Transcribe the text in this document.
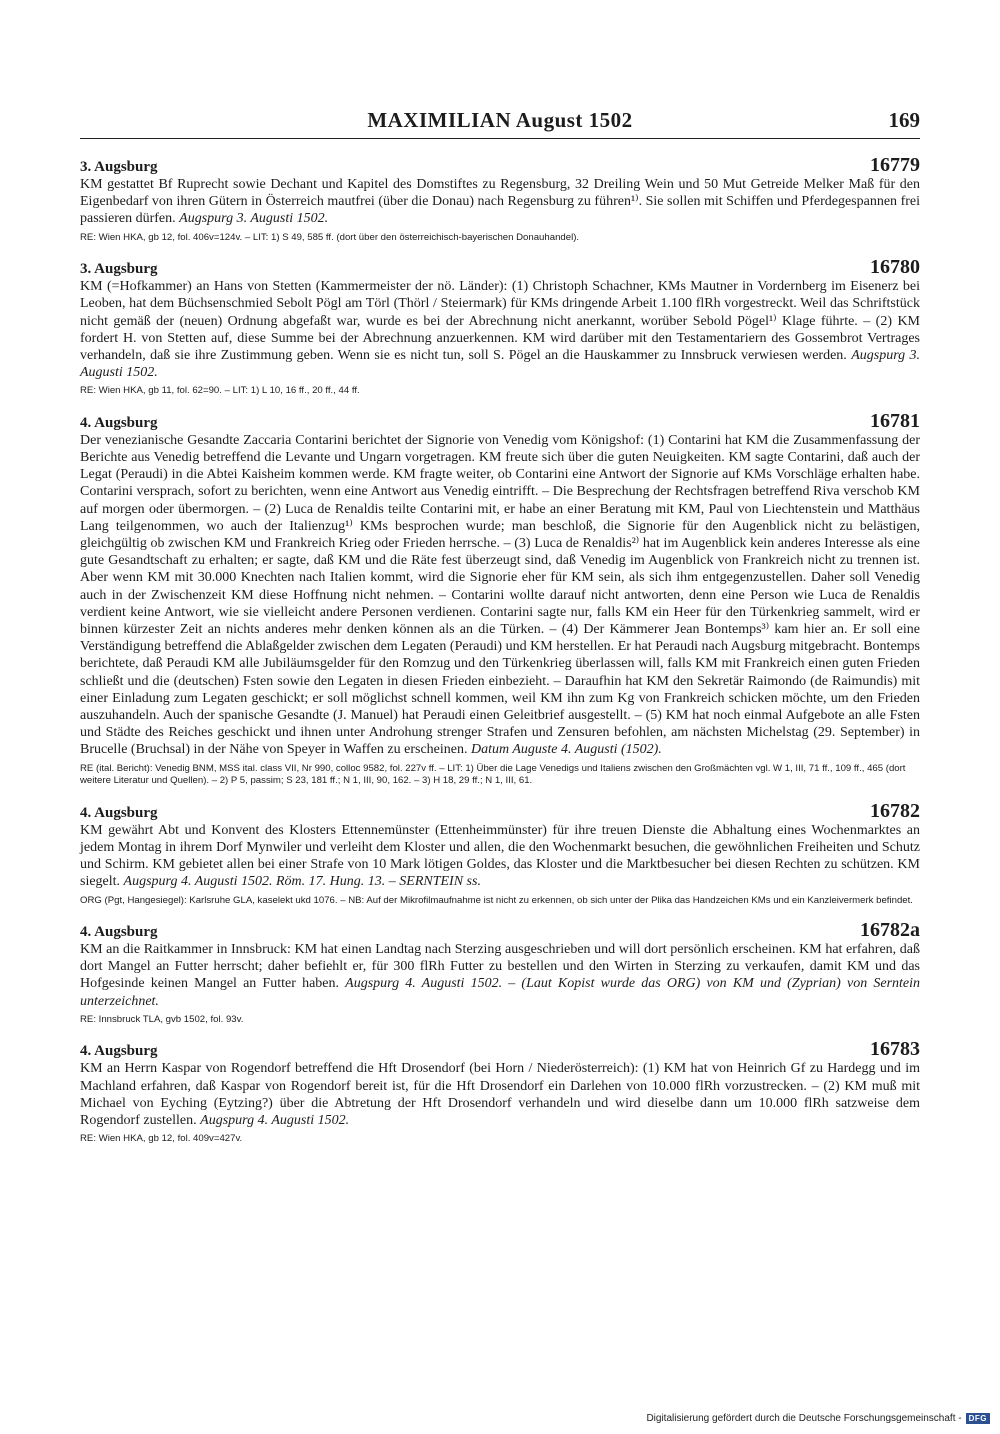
MAXIMILIAN August 1502	169
3. Augsburg	16779
KM gestattet Bf Ruprecht sowie Dechant und Kapitel des Domstiftes zu Regensburg, 32 Dreiling Wein und 50 Mut Getreide Melker Maß für den Eigenbedarf von ihren Gütern in Österreich mautfrei (über die Donau) nach Regensburg zu führen¹⁾. Sie sollen mit Schiffen und Pferdegespannen frei passieren dürfen. Augspurg 3. Augusti 1502.
RE: Wien HKA, gb 12, fol. 406v=124v. – LIT: 1) S 49, 585 ff. (dort über den österreichisch-bayerischen Donauhandel).
3. Augsburg	16780
KM (=Hofkammer) an Hans von Stetten (Kammermeister der nö. Länder): (1) Christoph Schachner, KMs Mautner in Vordernberg im Eisenerz bei Leoben, hat dem Büchsenschmied Sebolt Pögl am Törl (Thörl / Steiermark) für KMs dringende Arbeit 1.100 flRh vorgestreckt. Weil das Schriftstück nicht gemäß der (neuen) Ordnung abgefaßt war, wurde es bei der Abrechnung nicht anerkannt, worüber Sebold Pögel¹⁾ Klage führte. – (2) KM fordert H. von Stetten auf, diese Summe bei der Abrechnung anzuerkennen. KM wird darüber mit den Testamentariern des Gossembrot Vertrages verhandeln, daß sie ihre Zustimmung geben. Wenn sie es nicht tun, soll S. Pögel an die Hauskammer zu Innsbruck verwiesen werden. Augspurg 3. Augusti 1502.
RE: Wien HKA, gb 11, fol. 62=90. – LIT: 1) L 10, 16 ff., 20 ff., 44 ff.
4. Augsburg	16781
Der venezianische Gesandte Zaccaria Contarini berichtet der Signorie von Venedig vom Königshof: (1) Contarini hat KM die Zusammenfassung der Berichte aus Venedig betreffend die Levante und Ungarn vorgetragen. KM freute sich über die guten Neuigkeiten. KM sagte Contarini, daß auch der Legat (Peraudi) in die Abtei Kaisheim kommen werde. KM fragte weiter, ob Contarini eine Antwort der Signorie auf KMs Vorschläge erhalten habe. Contarini versprach, sofort zu berichten, wenn eine Antwort aus Venedig eintrifft. – Die Besprechung der Rechtsfragen betreffend Riva verschob KM auf morgen oder übermorgen. – (2) Luca de Renaldis teilte Contarini mit, er habe an einer Beratung mit KM, Paul von Liechtenstein und Matthäus Lang teilgenommen, wo auch der Italienzug¹⁾ KMs besprochen wurde; man beschloß, die Signorie für den Augenblick nicht zu belästigen, gleichgültig ob zwischen KM und Frankreich Krieg oder Frieden herrsche. – (3) Luca de Renaldis²⁾ hat im Augenblick kein anderes Interesse als eine gute Gesandtschaft zu erhalten; er sagte, daß KM und die Räte fest überzeugt sind, daß Venedig im Augenblick von Frankreich nicht zu trennen ist. Aber wenn KM mit 30.000 Knechten nach Italien kommt, wird die Signorie eher für KM sein, als sich ihm entgegenzustellen. Daher soll Venedig auch in der Zwischenzeit KM diese Hoffnung nicht nehmen. – Contarini wollte darauf nicht antworten, denn eine Person wie Luca de Renaldis verdient keine Antwort, wie sie vielleicht andere Personen verdienen. Contarini sagte nur, falls KM ein Heer für den Türkenkrieg sammelt, wird er binnen kürzester Zeit an nichts anderes mehr denken können als an die Türken. – (4) Der Kämmerer Jean Bontemps³⁾ kam hier an. Er soll eine Verständigung betreffend die Ablaßgelder zwischen dem Legaten (Peraudi) und KM herstellen. Er hat Peraudi nach Augsburg mitgebracht. Bontemps berichtete, daß Peraudi KM alle Jubiläumsgelder für den Romzug und den Türkenkrieg überlassen will, falls KM mit Frankreich einen guten Frieden schließt und die (deutschen) Fsten sowie den Legaten in diesen Frieden einbezieht. – Daraufhin hat KM den Sekretär Raimondo (de Raimundis) mit einer Einladung zum Legaten geschickt; er soll möglichst schnell kommen, weil KM ihn zum Kg von Frankreich schicken möchte, um den Frieden auszuhandeln. Auch der spanische Gesandte (J. Manuel) hat Peraudi einen Geleitbrief ausgestellt. – (5) KM hat noch einmal Aufgebote an alle Fsten und Städte des Reiches geschickt und ihnen unter Androhung strenger Strafen und Zensuren befohlen, am nächsten Michelstag (29. September) in Brucelle (Bruchsal) in der Nähe von Speyer in Waffen zu erscheinen. Datum Auguste 4. Augusti (1502).
RE (ital. Bericht): Venedig BNM, MSS ital. class VII, Nr 990, colloc 9582, fol. 227v ff. – LIT: 1) Über die Lage Venedigs und Italiens zwischen den Großmächten vgl. W 1, III, 71 ff., 109 ff., 465 (dort weitere Literatur und Quellen). – 2) P 5, passim; S 23, 181 ff.; N 1, III, 90, 162. – 3) H 18, 29 ff.; N 1, III, 61.
4. Augsburg	16782
KM gewährt Abt und Konvent des Klosters Ettennemünster (Ettenheimmünster) für ihre treuen Dienste die Abhaltung eines Wochenmarktes an jedem Montag in ihrem Dorf Mynwiler und verleiht dem Kloster und allen, die den Wochenmarkt besuchen, die gewöhnlichen Freiheiten und Schutz und Schirm. KM gebietet allen bei einer Strafe von 10 Mark lötigen Goldes, das Kloster und die Marktbesucher bei diesen Rechten zu schützen. KM siegelt. Augspurg 4. Augusti 1502. Röm. 17. Hung. 13. – SERNTEIN ss.
ORG (Pgt, Hangesiegel): Karlsruhe GLA, kaselekt ukd 1076. – NB: Auf der Mikrofilmaufnahme ist nicht zu erkennen, ob sich unter der Plika das Handzeichen KMs und ein Kanzleivermerk befindet.
4. Augsburg	16782a
KM an die Raitkammer in Innsbruck: KM hat einen Landtag nach Sterzing ausgeschrieben und will dort persönlich erscheinen. KM hat erfahren, daß dort Mangel an Futter herrscht; daher befiehlt er, für 300 flRh Futter zu bestellen und den Wirten in Sterzing zu verkaufen, damit KM und das Hofgesinde keinen Mangel an Futter haben. Augspurg 4. Augusti 1502. – (Laut Kopist wurde das ORG) von KM und (Zyprian) von Serntein unterzeichnet.
RE: Innsbruck TLA, gvb 1502, fol. 93v.
4. Augsburg	16783
KM an Herrn Kaspar von Rogendorf betreffend die Hft Drosendorf (bei Horn / Niederösterreich): (1) KM hat von Heinrich Gf zu Hardegg und im Machland erfahren, daß Kaspar von Rogendorf bereit ist, für die Hft Drosendorf ein Darlehen von 10.000 flRh vorzustrecken. – (2) KM muß mit Michael von Eyching (Eytzing?) über die Abtretung der Hft Drosendorf verhandeln und wird dieselbe dann um 10.000 flRh satzweise dem Rogendorf zustellen. Augspurg 4. Augusti 1502.
RE: Wien HKA, gb 12, fol. 409v=427v.
Digitalisierung gefördert durch die Deutsche Forschungsgemeinschaft - DFG
